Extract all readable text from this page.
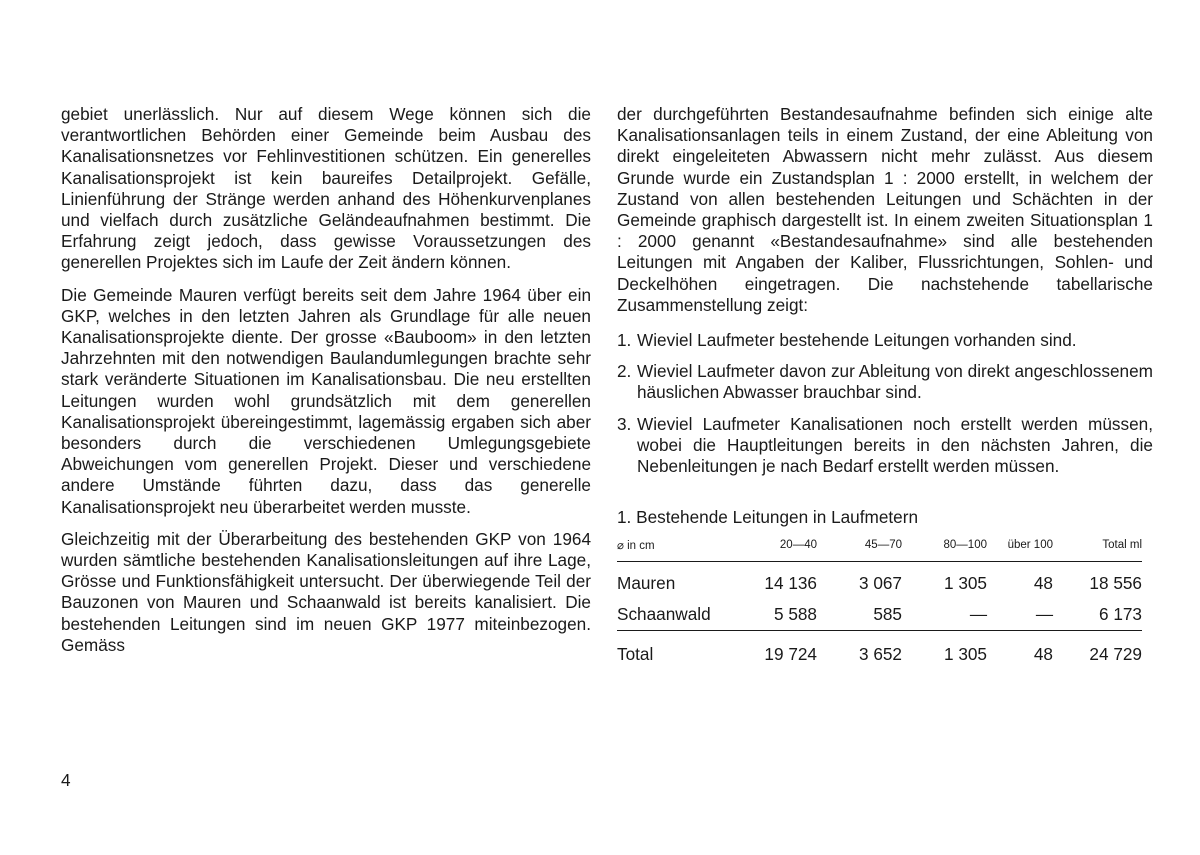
gebiet unerlässlich. Nur auf diesem Wege können sich die verantwortlichen Behörden einer Gemeinde beim Ausbau des Kanalisationsnetzes vor Fehlinvestitionen schützen. Ein generelles Kanalisationsprojekt ist kein baureifes Detailprojekt. Gefälle, Linienführung der Stränge werden anhand des Höhenkurvenplanes und vielfach durch zusätzliche Geländeaufnahmen bestimmt. Die Erfahrung zeigt jedoch, dass gewisse Voraussetzungen des generellen Projektes sich im Laufe der Zeit ändern können.

Die Gemeinde Mauren verfügt bereits seit dem Jahre 1964 über ein GKP, welches in den letzten Jahren als Grundlage für alle neuen Kanalisationsprojekte diente. Der grosse «Bauboom» in den letzten Jahrzehnten mit den notwendigen Baulandumlegungen brachte sehr stark veränderte Situationen im Kanalisationsbau. Die neu erstellten Leitungen wurden wohl grundsätzlich mit dem generellen Kanalisationsprojekt übereingestimmt, lagemässig ergaben sich aber besonders durch die verschiedenen Umlegungsgebiete Abweichungen vom generellen Projekt. Dieser und verschiedene andere Umstände führten dazu, dass das generelle Kanalisationsprojekt neu überarbeitet werden musste.

Gleichzeitig mit der Überarbeitung des bestehenden GKP von 1964 wurden sämtliche bestehenden Kanalisationsleitungen auf ihre Lage, Grösse und Funktionsfähigkeit untersucht. Der überwiegende Teil der Bauzonen von Mauren und Schaanwald ist bereits kanalisiert. Die bestehenden Leitungen sind im neuen GKP 1977 miteinbezogen. Gemäss

der durchgeführten Bestandesaufnahme befinden sich einige alte Kanalisationsanlagen teils in einem Zustand, der eine Ableitung von direkt eingeleiteten Abwassern nicht mehr zulässt. Aus diesem Grunde wurde ein Zustandsplan 1 : 2000 erstellt, in welchem der Zustand von allen bestehenden Leitungen und Schächten in der Gemeinde graphisch dargestellt ist. In einem zweiten Situationsplan 1 : 2000 genannt «Bestandesaufnahme» sind alle bestehenden Leitungen mit Angaben der Kaliber, Flussrichtungen, Sohlen- und Deckelhöhen eingetragen. Die nachstehende tabellarische Zusammenstellung zeigt:

1. Wieviel Laufmeter bestehende Leitungen vorhanden sind.
2. Wieviel Laufmeter davon zur Ableitung von direkt angeschlossenem häuslichen Abwasser brauchbar sind.
3. Wieviel Laufmeter Kanalisationen noch erstellt werden müssen, wobei die Hauptleitungen bereits in den nächsten Jahren, die Nebenleitungen je nach Bedarf erstellt werden müssen.
1. Bestehende Leitungen in Laufmetern
⌀ in cm	20—40	45—70	80—100	über 100	Total ml
Mauren	14 136	3 067	1 305	48	18 556
Schaanwald	5 588	585	—	—	6 173
Total	19 724	3 652	1 305	48	24 729
4
